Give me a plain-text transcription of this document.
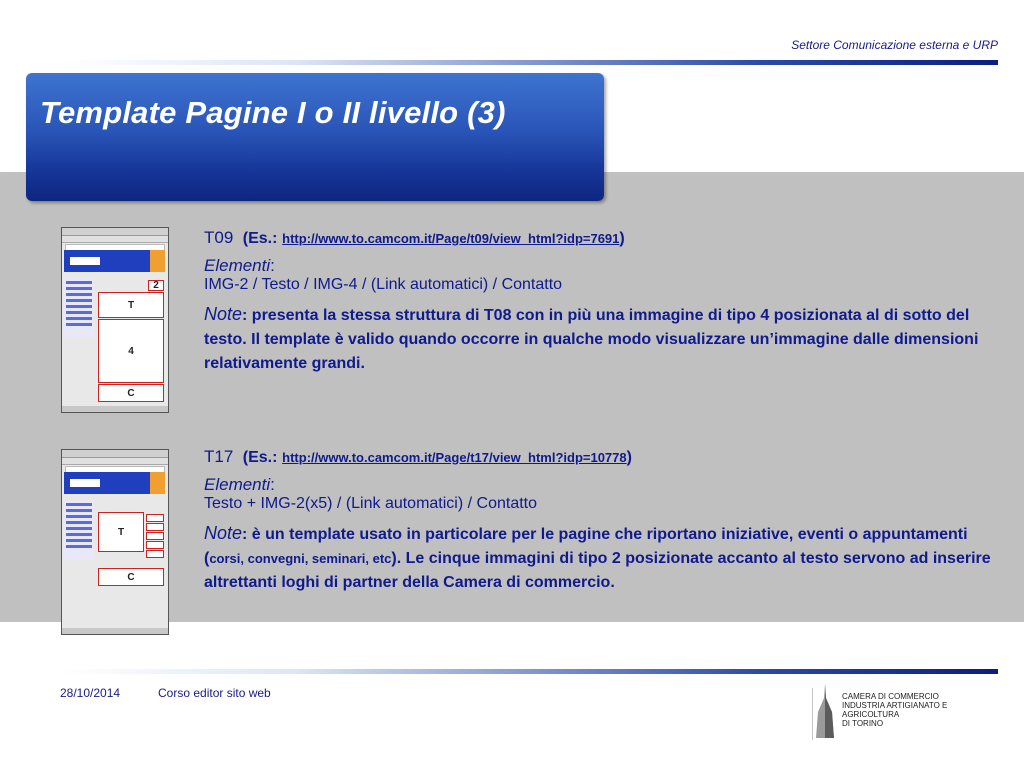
Settore Comunicazione esterna e URP
Template Pagine I o II livello (3)
2
T
4
C
T
C

T09 (Es.: http://www.to.camcom.it/Page/t09/view_html?idp=7691)

Elementi:

IMG-2 / Testo / IMG-4 / (Link automatici) / Contatto

Note: presenta la stessa struttura di T08 con in più una immagine di tipo 4 posizionata al di sotto del testo. Il template è valido quando occorre in qualche modo visualizzare un’immagine dalle dimensioni relativamente grandi.

T17 (Es.: http://www.to.camcom.it/Page/t17/view_html?idp=10778)

Elementi:

Testo + IMG-2(x5) / (Link automatici) / Contatto

Note: è un template usato in particolare per le pagine che riportano iniziative, eventi o appuntamenti (corsi, convegni, seminari, etc). Le cinque immagini di tipo 2 posizionate accanto al testo servono ad inserire altrettanti loghi di partner della Camera di commercio.

28/10/2014	Corso editor sito web	CAMERA DI COMMERCIO
INDUSTRIA ARTIGIANATO E AGRICOLTURA
DI TORINO
